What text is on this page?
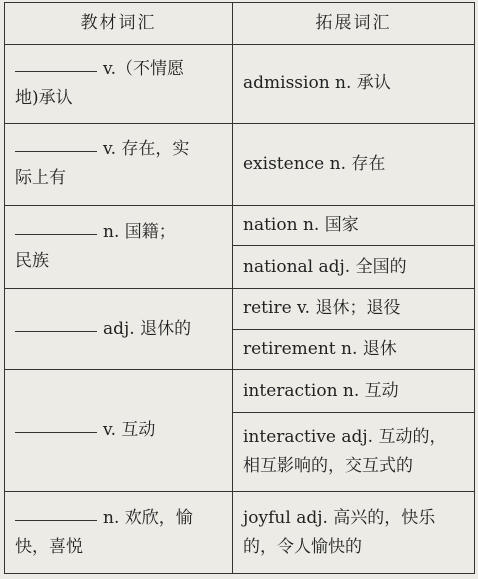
教材词汇	拓展词汇

v.（不情愿
地)承认	admission n. 承认

v. 存在，实
际上有	existence n. 存在

n. 国籍；
民族	nation n. 国家
	national adj. 全国的

adj. 退休的	retire v. 退休；退役
	retirement n. 退休

v. 互动	interaction n. 互动

	interactive adj. 互动的，
相互影响的，交互式的

n. 欢欣，愉
快，喜悦	joyful adj. 高兴的，快乐
的，令人愉快的
